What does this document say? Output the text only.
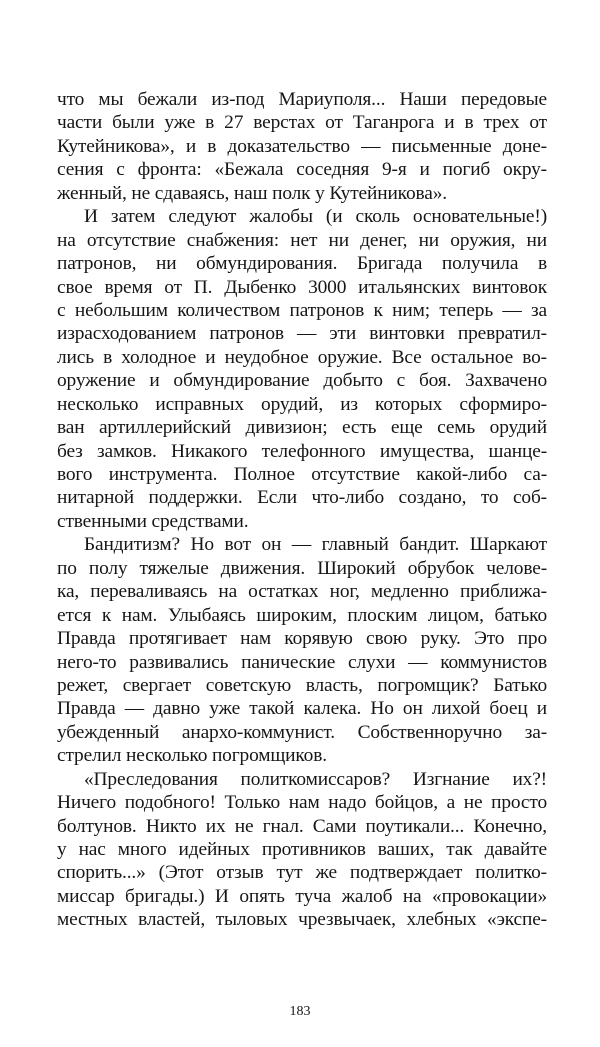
что мы бежали из-под Мариуполя... Наши передовые
части были уже в 27 верстах от Таганрога и в трех от
Кутейникова», и в доказательство — письменные доне-
сения с фронта: «Бежала соседняя 9-я и погиб окру-
женный, не сдаваясь, наш полк у Кутейникова».
И затем следуют жалобы (и сколь основательные!)
на отсутствие снабжения: нет ни денег, ни оружия, ни
патронов, ни обмундирования. Бригада получила в
свое время от П. Дыбенко 3000 итальянских винтовок
с небольшим количеством патронов к ним; теперь — за
израсходованием патронов — эти винтовки превратил-
лись в холодное и неудобное оружие. Все остальное во-
оружение и обмундирование добыто с боя. Захвачено
несколько исправных орудий, из которых сформиро-
ван артиллерийский дивизион; есть еще семь орудий
без замков. Никакого телефонного имущества, шанце-
вого инструмента. Полное отсутствие какой-либо са-
нитарной поддержки. Если что-либо создано, то соб-
ственными средствами.
Бандитизм? Но вот он — главный бандит. Шаркают
по полу тяжелые движения. Широкий обрубок челове-
ка, переваливаясь на остатках ног, медленно приближа-
ется к нам. Улыбаясь широким, плоским лицом, батько
Правда протягивает нам корявую свою руку. Это про
него-то развивались панические слухи — коммунистов
режет, свергает советскую власть, погромщик? Батько
Правда — давно уже такой калека. Но он лихой боец и
убежденный анархо-коммунист. Собственноручно за-
стрелил несколько погромщиков.
«Преследования политкомиссаров? Изгнание их?!
Ничего подобного! Только нам надо бойцов, а не просто
болтунов. Никто их не гнал. Сами поутикали... Конечно,
у нас много идейных противников ваших, так давайте
спорить...» (Этот отзыв тут же подтверждает политко-
миссар бригады.) И опять туча жалоб на «провокации»
местных властей, тыловых чрезвычаек, хлебных «экспе-
183
